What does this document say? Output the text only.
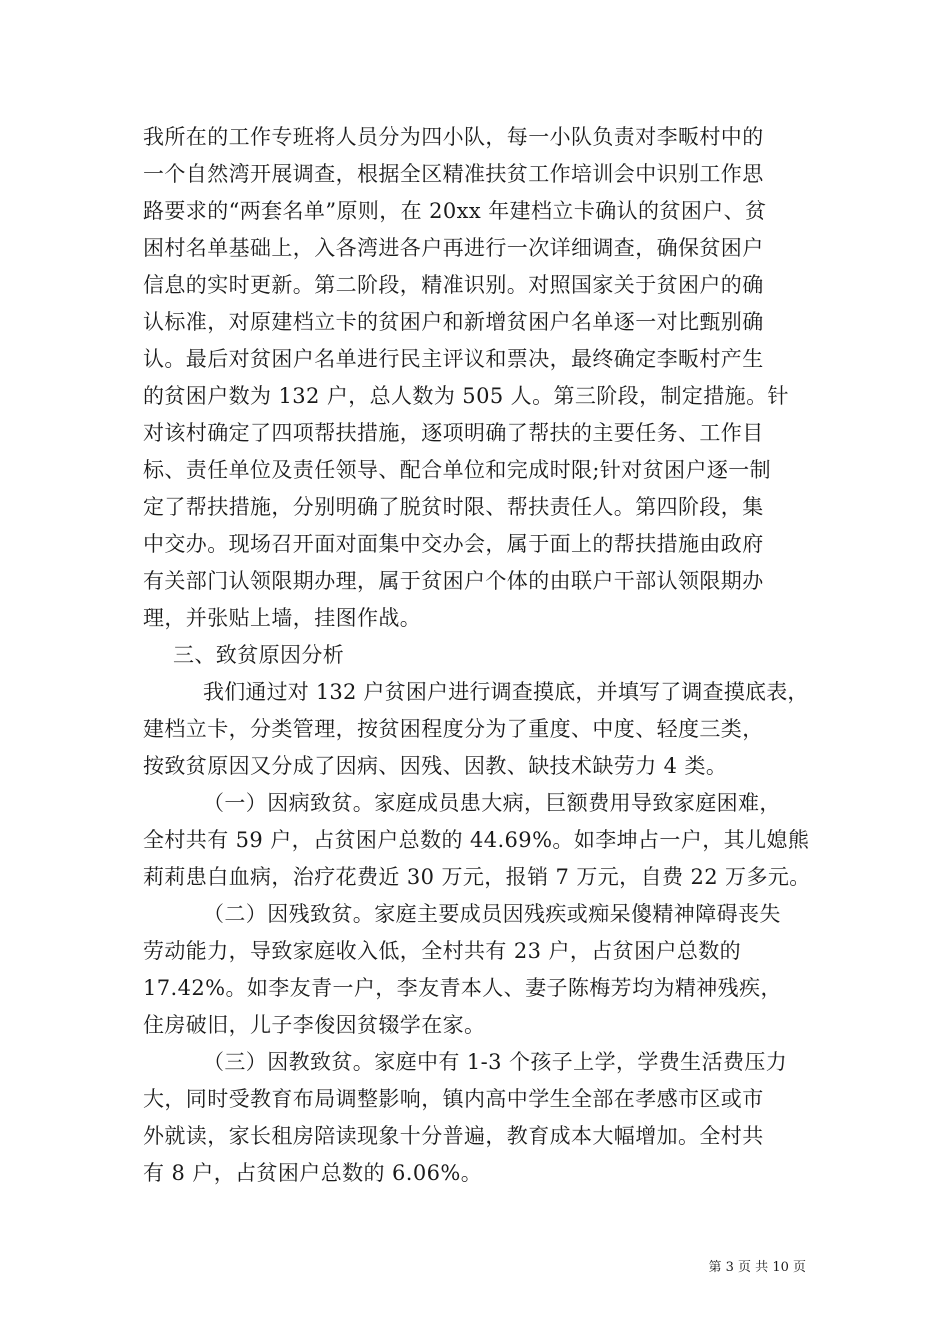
我所在的工作专班将人员分为四小队，每一小队负责对李畈村中的
一个自然湾开展调查，根据全区精准扶贫工作培训会中识别工作思
路要求的“两套名单”原则，在 20xx 年建档立卡确认的贫困户、贫
困村名单基础上，入各湾进各户再进行一次详细调查，确保贫困户
信息的实时更新。第二阶段，精准识别。对照国家关于贫困户的确
认标准，对原建档立卡的贫困户和新增贫困户名单逐一对比甄别确
认。最后对贫困户名单进行民主评议和票决，最终确定李畈村产生
的贫困户数为 132 户，总人数为 505 人。第三阶段，制定措施。针
对该村确定了四项帮扶措施，逐项明确了帮扶的主要任务、工作目
标、责任单位及责任领导、配合单位和完成时限;针对贫困户逐一制
定了帮扶措施，分别明确了脱贫时限、帮扶责任人。第四阶段，集
中交办。现场召开面对面集中交办会，属于面上的帮扶措施由政府
有关部门认领限期办理，属于贫困户个体的由联户干部认领限期办
理，并张贴上墙，挂图作战。
三、致贫原因分析
我们通过对 132 户贫困户进行调查摸底，并填写了调查摸底表，
建档立卡，分类管理，按贫困程度分为了重度、中度、轻度三类，
按致贫原因又分成了因病、因残、因教、缺技术缺劳力 4 类。
（一）因病致贫。家庭成员患大病，巨额费用导致家庭困难，
全村共有 59 户，占贫困户总数的 44.69%。如李坤占一户，其儿媳熊
莉莉患白血病，治疗花费近 30 万元，报销 7 万元，自费 22 万多元。
（二）因残致贫。家庭主要成员因残疾或痴呆傻精神障碍丧失
劳动能力，导致家庭收入低，全村共有 23 户，占贫困户总数的
17.42%。如李友青一户，李友青本人、妻子陈梅芳均为精神残疾，
住房破旧，儿子李俊因贫辍学在家。
（三）因教致贫。家庭中有 1-3 个孩子上学，学费生活费压力
大，同时受教育布局调整影响，镇内高中学生全部在孝感市区或市
外就读，家长租房陪读现象十分普遍，教育成本大幅增加。全村共
有 8 户，占贫困户总数的 6.06%。
第 3 页 共 10 页
